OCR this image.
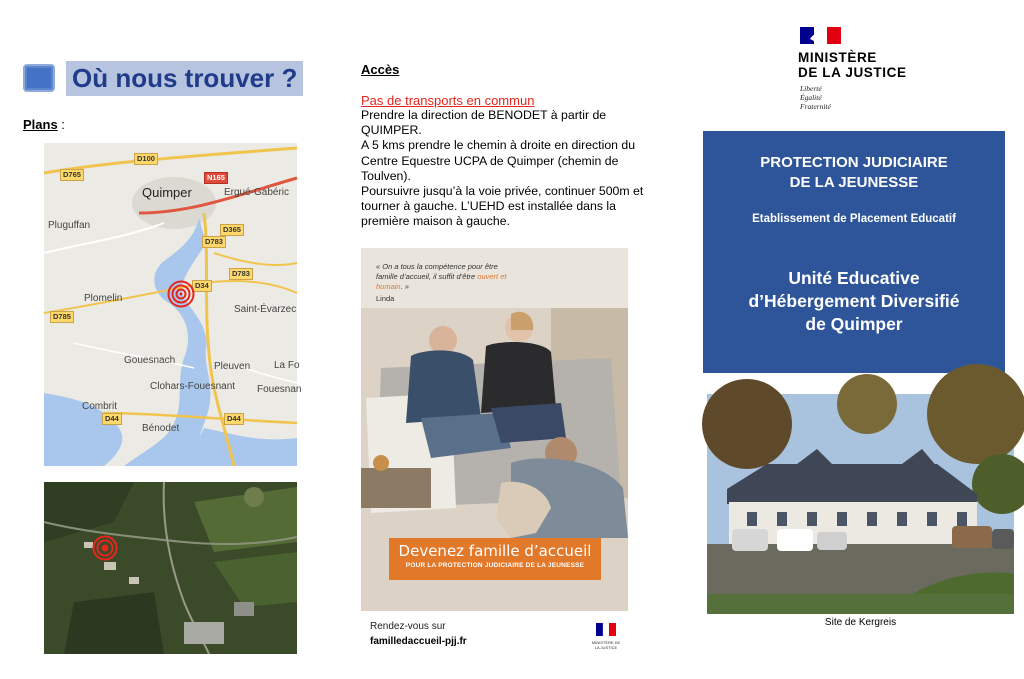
Où nous trouver ?
Plans :
Quimper	Ergué-Gabéric
Pluguffan
Plomelin
Saint-Évarzec
Gouesnach
Pleuven La Fo
Clohars-Fouesnant Fouesnan
Combrit
Bénodet
D100
D765	N165
D365
D783
D783
D34
D785
D44	D44
Accès
Pas de transports en commun
Prendre la direction de BENODET à partir de
QUIMPER.
A 5 kms prendre le chemin à droite en direction du
Centre Equestre UCPA de Quimper (chemin de
Toulven).
Poursuivre jusqu’à la voie privée, continuer 500m et
tourner à gauche. L’UEHD est installée dans la
première maison à gauche.
« On a tous la compétence pour être famille d’accueil, il suffit d’être ouvert et humain. »
Linda
Devenez famille d’accueil
POUR LA PROTECTION JUDICIAIRE DE LA JEUNESSE
Rendez-vous sur
familledaccueil-pjj.fr	MINISTÈRE DE LA JUSTICE
MINISTÈRE
DE LA JUSTICE
Liberté
Égalité
Fraternité
PROTECTION JUDICIAIRE
DE LA JEUNESSE
Etablissement de Placement Educatif
Unité Educative
d’Hébergement Diversifié
de Quimper
Site de Kergreis
